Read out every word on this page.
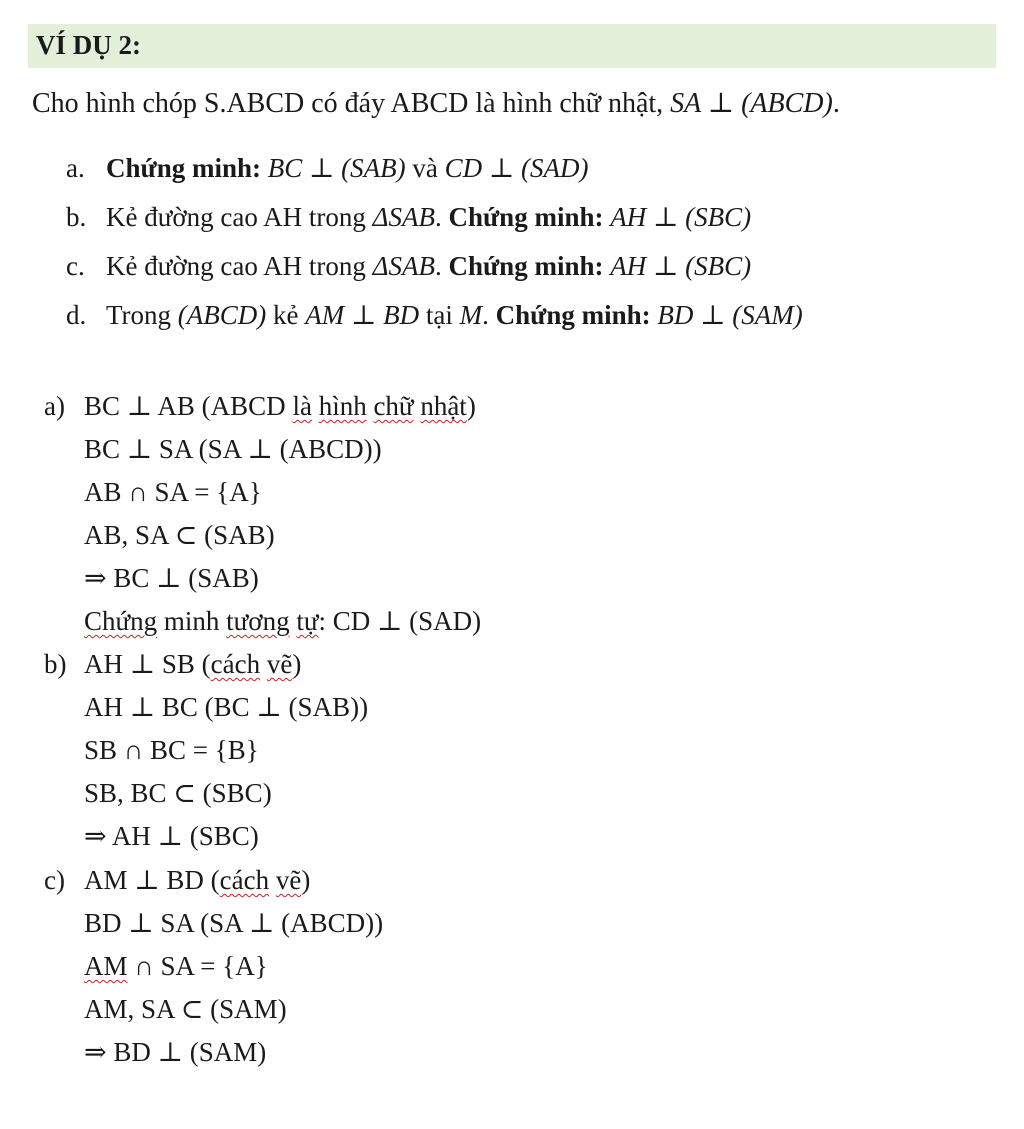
VÍ DỤ 2:
Cho hình chóp S.ABCD có đáy ABCD là hình chữ nhật, SA ⊥ (ABCD).
a. Chứng minh: BC ⊥ (SAB) và CD ⊥ (SAD)
b. Kẻ đường cao AH trong ΔSAB. Chứng minh: AH ⊥ (SBC)
c. Kẻ đường cao AH trong ΔSAB. Chứng minh: AH ⊥ (SBC)
d. Trong (ABCD) kẻ AM ⊥ BD tại M. Chứng minh: BD ⊥ (SAM)
a) BC ⊥ AB (ABCD là hình chữ nhật)
BC ⊥ SA (SA ⊥ (ABCD))
AB ∩ SA = {A}
AB, SA ⊂ (SAB)
⇒ BC ⊥ (SAB)
Chứng minh tương tự: CD ⊥ (SAD)
b) AH ⊥ SB (cách vẽ)
AH ⊥ BC (BC ⊥ (SAB))
SB ∩ BC = {B}
SB, BC ⊂ (SBC)
⇒ AH ⊥ (SBC)
c) AM ⊥ BD (cách vẽ)
BD ⊥ SA (SA ⊥ (ABCD))
AM ∩ SA = {A}
AM, SA ⊂ (SAM)
⇒ BD ⊥ (SAM)
